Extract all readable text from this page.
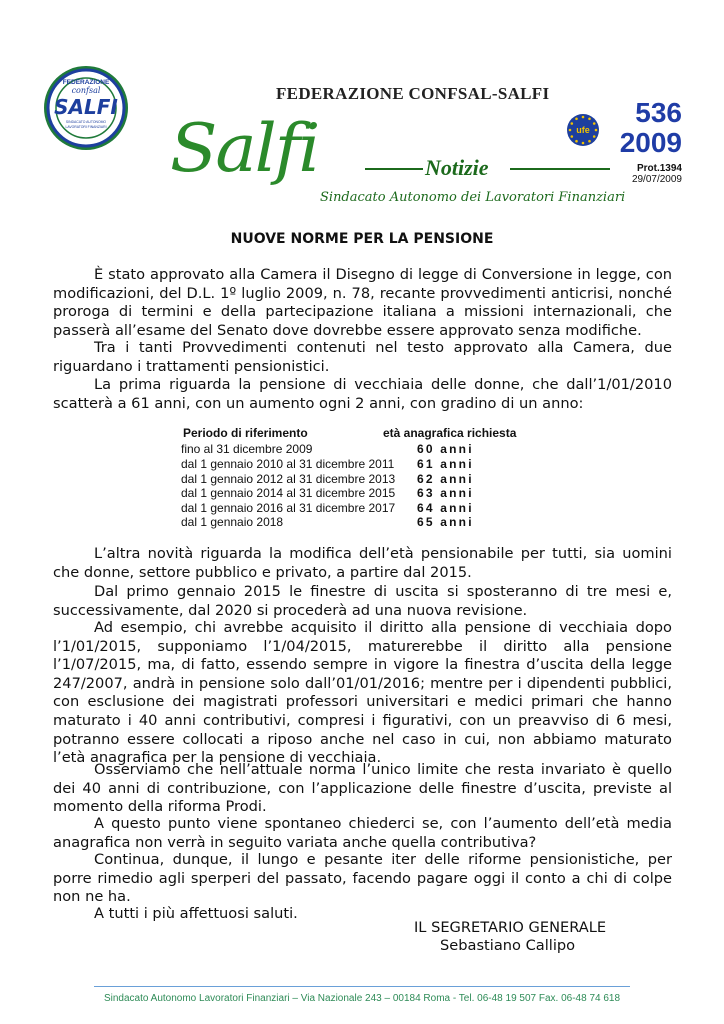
FEDERAZIONE
confsal
SALFI
SINDACATO AUTONOMO
LAVORATORI FINANZIARI
FEDERAZIONE CONFSAL-SALFI
Salfi	Notizie
Sindacato Autonomo dei Lavoratori Finanziari
ufe
536
2009
Prot.1394
29/07/2009
NUOVE NORME PER LA PENSIONE
È stato approvato alla Camera il Disegno di legge di Conversione in legge, con modificazioni, del D.L. 1º luglio 2009, n. 78, recante provvedimenti anticrisi, nonché proroga di termini e della partecipazione italiana a missioni internazionali, che passerà all’esame del Senato dove dovrebbe essere approvato senza modifiche.
Tra i tanti Provvedimenti contenuti nel testo approvato alla Camera, due riguardano i trattamenti pensionistici.
La prima riguarda la pensione di vecchiaia delle donne, che dall’1/01/2010 scatterà a 61 anni, con un aumento ogni 2 anni, con gradino di un anno:
Periodo di riferimento	età anagrafica richiesta
fino al 31 dicembre 2009	60 anni
dal 1 gennaio 2010 al 31 dicembre 2011 61 anni
dal 1 gennaio 2012 al 31 dicembre 2013 62 anni
dal 1 gennaio 2014 al 31 dicembre 2015 63 anni
dal 1 gennaio 2016 al 31 dicembre 2017 64 anni
dal 1 gennaio 2018	65 anni
L’altra novità riguarda la modifica dell’età pensionabile per tutti, sia uomini che donne, settore pubblico e privato, a partire dal 2015.
Dal primo gennaio 2015 le finestre di uscita si sposteranno di tre mesi e, successivamente, dal 2020 si procederà ad una nuova revisione.
Ad esempio, chi avrebbe acquisito il diritto alla pensione di vecchiaia dopo l’1/01/2015, supponiamo l’1/04/2015, maturerebbe il diritto alla pensione l’1/07/2015, ma, di fatto, essendo sempre in vigore la finestra d’uscita della legge 247/2007, andrà in pensione solo dall’01/01/2016; mentre per i dipendenti pubblici, con esclusione dei magistrati professori universitari e medici primari che hanno maturato i 40 anni contributivi, compresi i figurativi, con un preavviso di 6 mesi, potranno essere collocati a riposo anche nel caso in cui, non abbiamo maturato l’età anagrafica per la pensione di vecchiaia.
Osserviamo che nell’attuale norma l’unico limite che resta invariato è quello dei 40 anni di contribuzione, con l’applicazione delle finestre d’uscita, previste al momento della riforma Prodi.
A questo punto viene spontaneo chiederci se, con l’aumento dell’età media anagrafica non verrà in seguito variata anche quella contributiva?
Continua, dunque, il lungo e pesante iter delle riforme pensionistiche, per porre rimedio agli sperperi del passato, facendo pagare oggi il conto a chi di colpe non ne ha.
A tutti i più affettuosi saluti.
IL SEGRETARIO GENERALE
Sebastiano Callipo
Sindacato Autonomo Lavoratori Finanziari – Via Nazionale 243 – 00184 Roma - Tel. 06-48 19 507 Fax. 06-48 74 618
